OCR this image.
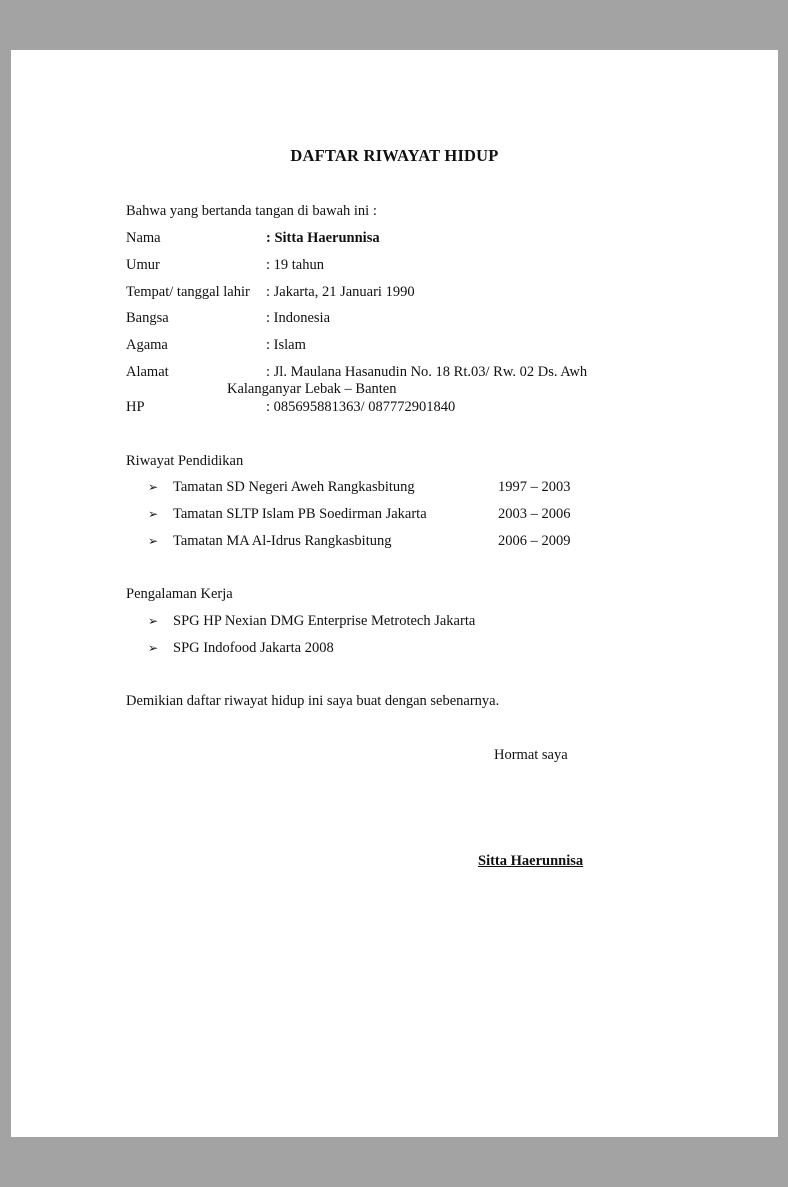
DAFTAR RIWAYAT HIDUP
Bahwa yang bertanda tangan di bawah ini :
Nama	: Sitta Haerunnisa
Umur	: 19 tahun
Tempat/ tanggal lahir : Jakarta, 21 Januari 1990
Bangsa	: Indonesia
Agama	: Islam
Alamat	: Jl. Maulana Hasanudin No. 18 Rt.03/ Rw. 02 Ds. Awh
Kalanganyar Lebak – Banten
HP	: 085695881363/ 087772901840
Riwayat Pendidikan
➢ Tamatan SD Negeri Aweh Rangkasbitung	1997 – 2003
➢ Tamatan SLTP Islam PB Soedirman Jakarta	2003 – 2006
➢ Tamatan MA Al-Idrus Rangkasbitung	2006 – 2009
Pengalaman Kerja
➢ SPG HP Nexian DMG Enterprise Metrotech Jakarta
➢ SPG Indofood Jakarta 2008
Demikian daftar riwayat hidup ini saya buat dengan sebenarnya.
Hormat saya
Sitta Haerunnisa
